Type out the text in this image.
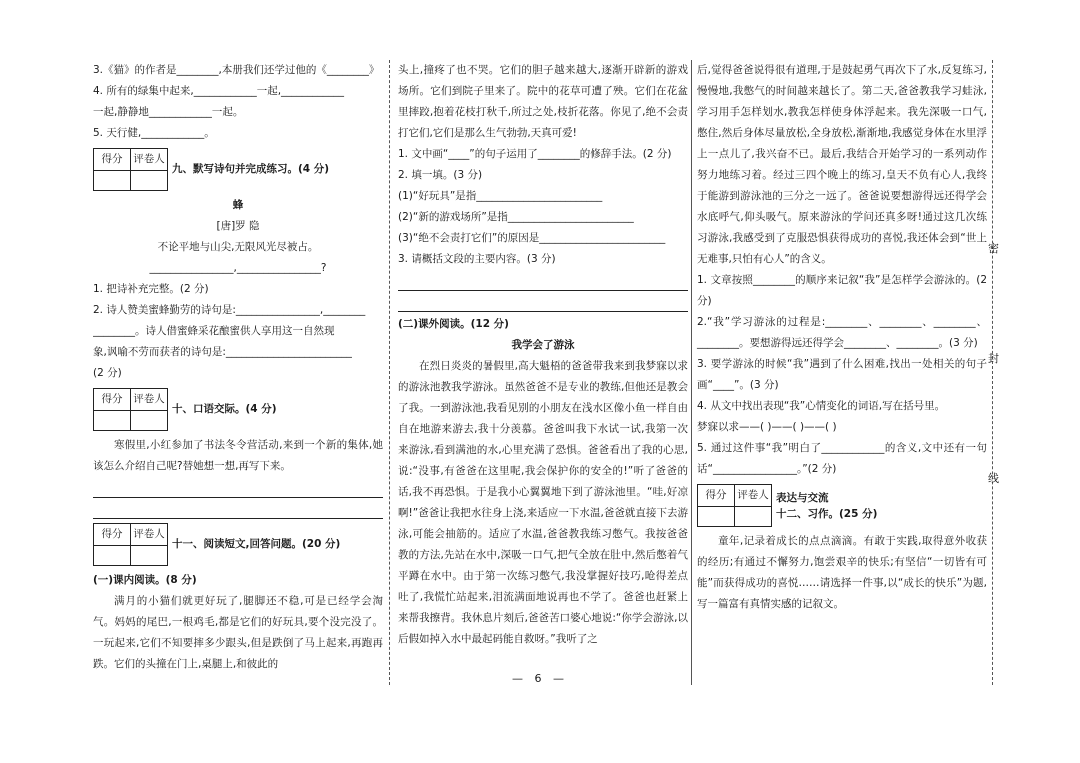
3.《猫》的作者是________,本册我们还学过他的《________》
4. 所有的绿集中起来,____________一起,____________
一起,静静地____________一起。
5. 天行健,____________。
得分	评卷人

九、默写诗句并完成练习。(4 分)
蜂
[唐]罗 隐
不论平地与山尖,无限风光尽被占。
________________,________________?
1. 把诗补充完整。(2 分)
2. 诗人赞美蜜蜂勤劳的诗句是:________________,________
________。诗人借蜜蜂采花酿蜜供人享用这一自然现
象,讽喻不劳而获者的诗句是:________________________
(2 分)
得分	评卷人

十、口语交际。(4 分)
寒假里,小红参加了书法冬令营活动,来到一个新的集体,她该怎么介绍自己呢?替她想一想,再写下来。
得分	评卷人

十一、阅读短文,回答问题。(20 分)
(一)课内阅读。(8 分)
满月的小猫们就更好玩了,腿脚还不稳,可是已经学会淘气。妈妈的尾巴,一根鸡毛,都是它们的好玩具,要个没完没了。一玩起来,它们不知要摔多少跟头,但是跌倒了马上起来,再跑再跌。它们的头撞在门上,桌腿上,和彼此的
头上,撞疼了也不哭。它们的胆子越来越大,逐渐开辟新的游戏场所。它们到院子里来了。院中的花草可遭了殃。它们在花盆里摔跤,抱着花枝打秋千,所过之处,枝折花落。你见了,绝不会责打它们,它们是那么生气勃勃,天真可爱!
1. 文中画“____”的句子运用了________的修辞手法。(2 分)
2. 填一填。(3 分)
(1)“好玩具”是指________________________
(2)“新的游戏场所”是指________________________
(3)“绝不会责打它们”的原因是________________________
3. 请概括文段的主要内容。(3 分)
(二)课外阅读。(12 分)
我学会了游泳
在烈日炎炎的暑假里,高大魁梧的爸爸带我来到我梦寐以求的游泳池教我学游泳。虽然爸爸不是专业的教练,但他还是教会了我。一到游泳池,我看见别的小朋友在浅水区像小鱼一样自由自在地游来游去,我十分羡慕。爸爸叫我下水试一试,我第一次来游泳,看到满池的水,心里充满了恐惧。爸爸看出了我的心思,说:“没事,有爸爸在这里呢,我会保护你的安全的!”听了爸爸的话,我不再恐惧。于是我小心翼翼地下到了游泳池里。“哇,好凉啊!”爸爸让我把水往身上浇,来适应一下水温,爸爸就直接下去游泳,可能会抽筋的。适应了水温,爸爸教我练习憋气。我按爸爸教的方法,先站在水中,深吸一口气,把气全放在肚中,然后憋着气平蹲在水中。由于第一次练习憋气,我没掌握好技巧,呛得差点吐了,我慌忙站起来,泪流满面地说再也不学了。爸爸也赶紧上来帮我擦背。我休息片刻后,爸爸苦口婆心地说:“你学会游泳,以后假如掉入水中最起码能自救呀。”我听了之
后,觉得爸爸说得很有道理,于是鼓起勇气再次下了水,反复练习,慢慢地,我憋气的时间越来越长了。第二天,爸爸教我学习蛙泳,学习用手怎样划水,教我怎样使身体浮起来。我先深吸一口气,憋住,然后身体尽量放松,全身放松,渐渐地,我感觉身体在水里浮上一点儿了,我兴奋不已。最后,我结合开始学习的一系列动作努力地练习着。经过三四个晚上的练习,皇天不负有心人,我终于能游到游泳池的三分之一远了。爸爸说要想游得远还得学会水底呼气,仰头吸气。原来游泳的学问还真多呀!通过这几次练习游泳,我感受到了克服恐惧获得成功的喜悦,我还体会到“世上无难事,只怕有心人”的含义。
1. 文章按照________的顺序来记叙“我”是怎样学会游泳的。(2 分)
2.“我”学习游泳的过程是:________、________、________、________。要想游得远还得学会________、________。(3 分)
3. 要学游泳的时候“我”遇到了什么困难,找出一处相关的句子画“____”。(3 分)
4. 从文中找出表现“我”心情变化的词语,写在括号里。
梦寐以求——( )——( )——( )
5. 通过这件事“我”明白了____________的含义,文中还有一句话“________________。”(2 分)
得分	评卷人
	表达与交流
十二、习作。(25 分)
童年,记录着成长的点点滴滴。有敢于实践,取得意外收获的经历;有通过不懈努力,饱尝艰辛的快乐;有坚信“一切皆有可能”而获得成功的喜悦……请选择一件事,以“成长的快乐”为题,写一篇富有真情实感的记叙文。
密
封
线
— 6 —
